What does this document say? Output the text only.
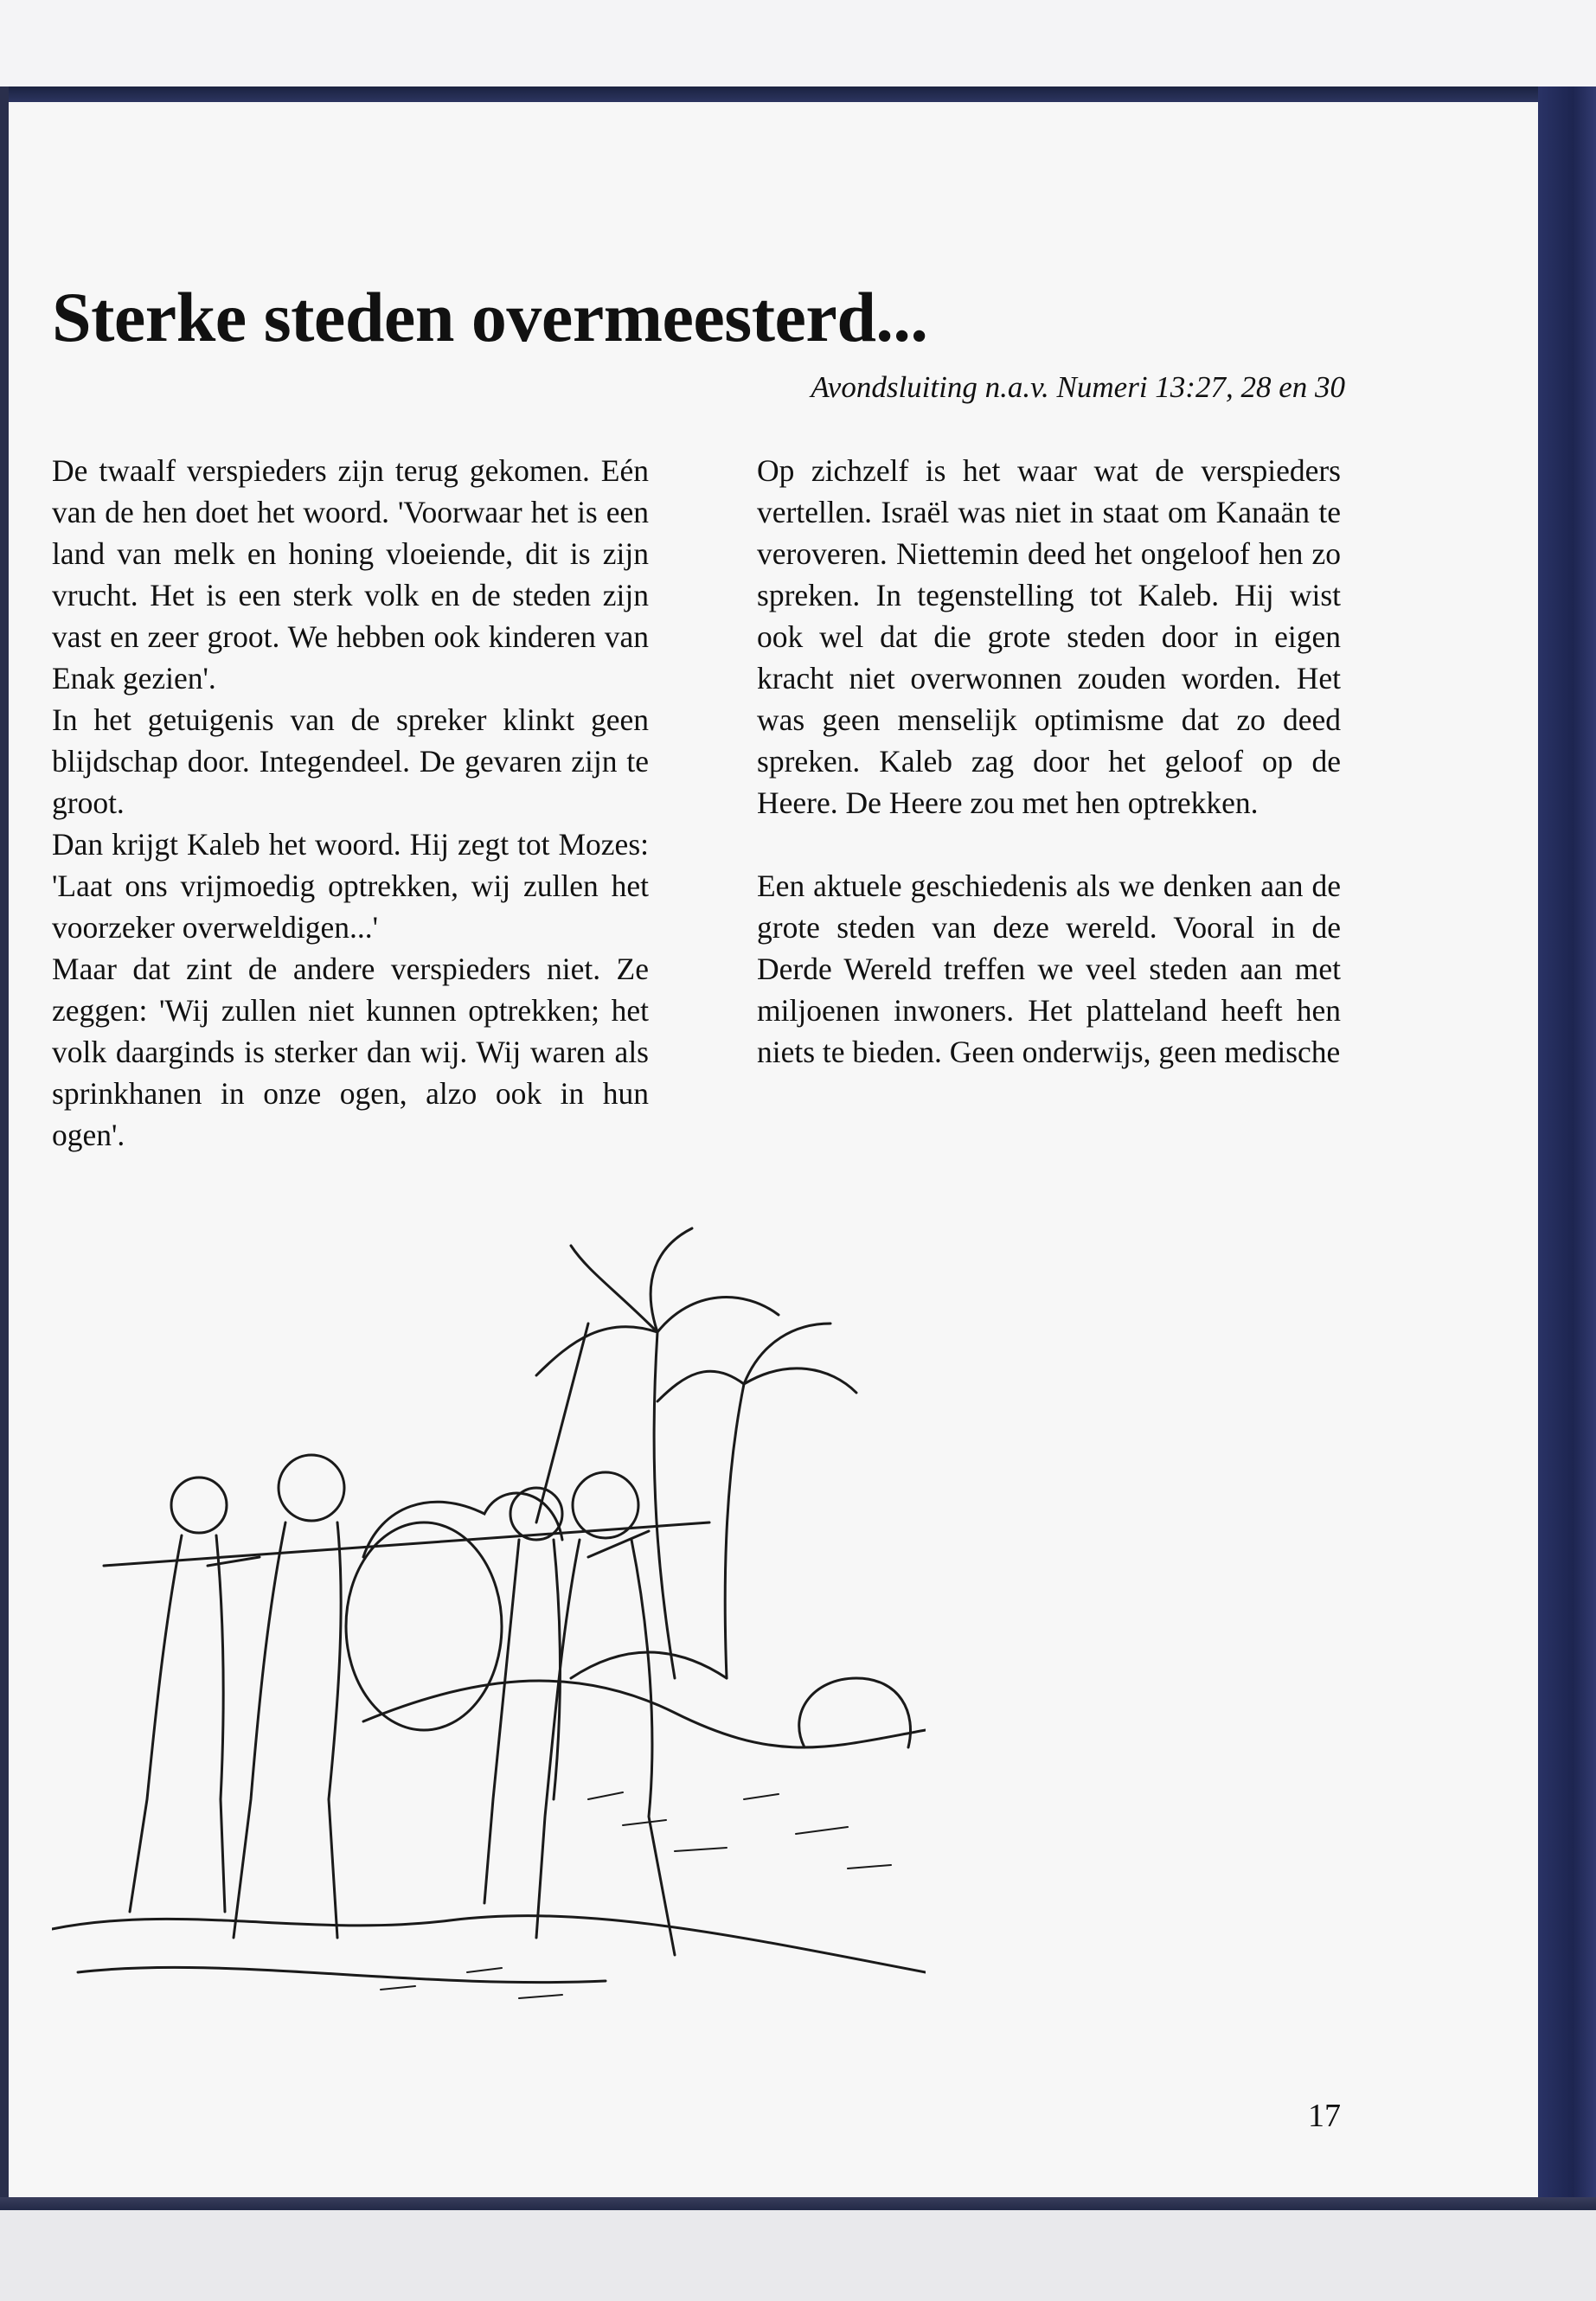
Sterke steden overmeesterd...
Avondsluiting n.a.v. Numeri 13:27, 28 en 30

De twaalf verspieders zijn terug gekomen. Eén van de hen doet het woord. 'Voorwaar het is een land van melk en honing vloeiende, dit is zijn vrucht. Het is een sterk volk en de steden zijn vast en zeer groot. We hebben ook kinderen van Enak gezien'.

In het getuigenis van de spreker klinkt geen blijdschap door. Integendeel. De gevaren zijn te groot.

Dan krijgt Kaleb het woord. Hij zegt tot Mozes: 'Laat ons vrijmoedig optrekken, wij zullen het voorzeker overweldigen...'

Maar dat zint de andere verspieders niet. Ze zeggen: 'Wij zullen niet kunnen optrekken; het volk daarginds is sterker dan wij. Wij waren als sprinkhanen in onze ogen, alzo ook in hun ogen'.

Op zichzelf is het waar wat de verspieders vertellen. Israël was niet in staat om Kanaän te veroveren. Niettemin deed het ongeloof hen zo spreken. In tegenstelling tot Kaleb. Hij wist ook wel dat die grote steden door in eigen kracht niet overwonnen zouden worden. Het was geen menselijk optimisme dat zo deed spreken. Kaleb zag door het geloof op de Heere. De Heere zou met hen optrekken.

Een aktuele geschiedenis als we denken aan de grote steden van deze wereld. Vooral in de Derde Wereld treffen we veel steden aan met miljoenen inwoners. Het platteland heeft hen niets te bieden. Geen onderwijs, geen medische

17
